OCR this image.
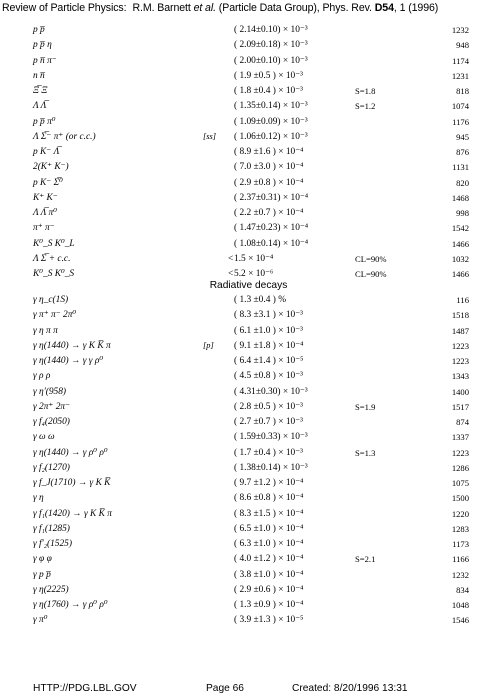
Review of Particle Physics: R.M. Barnett et al. (Particle Data Group), Phys. Rev. D54, 1 (1996)
p p̅	( 2.14±0.10) × 10⁻³	1232
p p̅ η	( 2.09±0.18) × 10⁻³	948
p n̅ π⁻	( 2.00±0.10) × 10⁻³	1174
n n̅	( 1.9 ±0.5 ) × 10⁻³	1231
Ξ̅ Ξ	( 1.8 ±0.4 ) × 10⁻³	S=1.8	818
Λ Λ̅	( 1.35±0.14) × 10⁻³	S=1.2	1074
p p̅ π⁰	( 1.09±0.09) × 10⁻³	1176
Λ Σ̅⁻ π⁺ (or c.c.)	[ss] ( 1.06±0.12) × 10⁻³	945
p K⁻ Λ̅	( 8.9 ±1.6 ) × 10⁻⁴	876
2(K⁺ K⁻)	( 7.0 ±3.0 ) × 10⁻⁴	1131
p K⁻ Σ̅⁰	( 2.9 ±0.8 ) × 10⁻⁴	820
K⁺ K⁻	( 2.37±0.31) × 10⁻⁴	1468
Λ Λ̅ π⁰	( 2.2 ±0.7 ) × 10⁻⁴	998
π⁺ π⁻	( 1.47±0.23) × 10⁻⁴	1542
K⁰_S K⁰_L	( 1.08±0.14) × 10⁻⁴	1466
Λ Σ̅ + c.c.	< 1.5 × 10⁻⁴	CL=90%	1032
K⁰_S K⁰_S	< 5.2 × 10⁻⁶	CL=90%	1466
γ η_c(1S)	( 1.3 ±0.4 ) %	116
γ π⁺ π⁻ 2π⁰	( 8.3 ±3.1 ) × 10⁻³	1518
γ η π π	( 6.1 ±1.0 ) × 10⁻³	1487
γ η(1440) → γ K K̅ π	[p] ( 9.1 ±1.8 ) × 10⁻⁴	1223
γ η(1440) → γ γ ρ⁰	( 6.4 ±1.4 ) × 10⁻⁵	1223
γ ρ ρ	( 4.5 ±0.8 ) × 10⁻³	1343
γ η′(958)	( 4.31±0.30) × 10⁻³	1400
γ 2π⁺ 2π⁻	( 2.8 ±0.5 ) × 10⁻³	S=1.9	1517
γ f₄(2050)	( 2.7 ±0.7 ) × 10⁻³	874
γ ω ω	( 1.59±0.33) × 10⁻³	1337
γ η(1440) → γ ρ⁰ ρ⁰	( 1.7 ±0.4 ) × 10⁻³	S=1.3	1223
γ f₂(1270)	( 1.38±0.14) × 10⁻³	1286
γ f_J(1710) → γ K K̅	( 9.7 ±1.2 ) × 10⁻⁴	1075
γ η	( 8.6 ±0.8 ) × 10⁻⁴	1500
γ f₁(1420) → γ K K̅ π	( 8.3 ±1.5 ) × 10⁻⁴	1220
γ f₁(1285)	( 6.5 ±1.0 ) × 10⁻⁴	1283
γ f′₂(1525)	( 6.3 ±1.0 ) × 10⁻⁴	1173
γ φ φ	( 4.0 ±1.2 ) × 10⁻⁴	S=2.1	1166
γ p p̅	( 3.8 ±1.0 ) × 10⁻⁴	1232
γ η(2225)	( 2.9 ±0.6 ) × 10⁻⁴	834
γ η(1760) → γ ρ⁰ ρ⁰	( 1.3 ±0.9 ) × 10⁻⁴	1048
γ π⁰	( 3.9 ±1.3 ) × 10⁻⁵	1546
Radiative decays
HTTP://PDG.LBL.GOV	Page 66	Created: 8/20/1996 13:31
